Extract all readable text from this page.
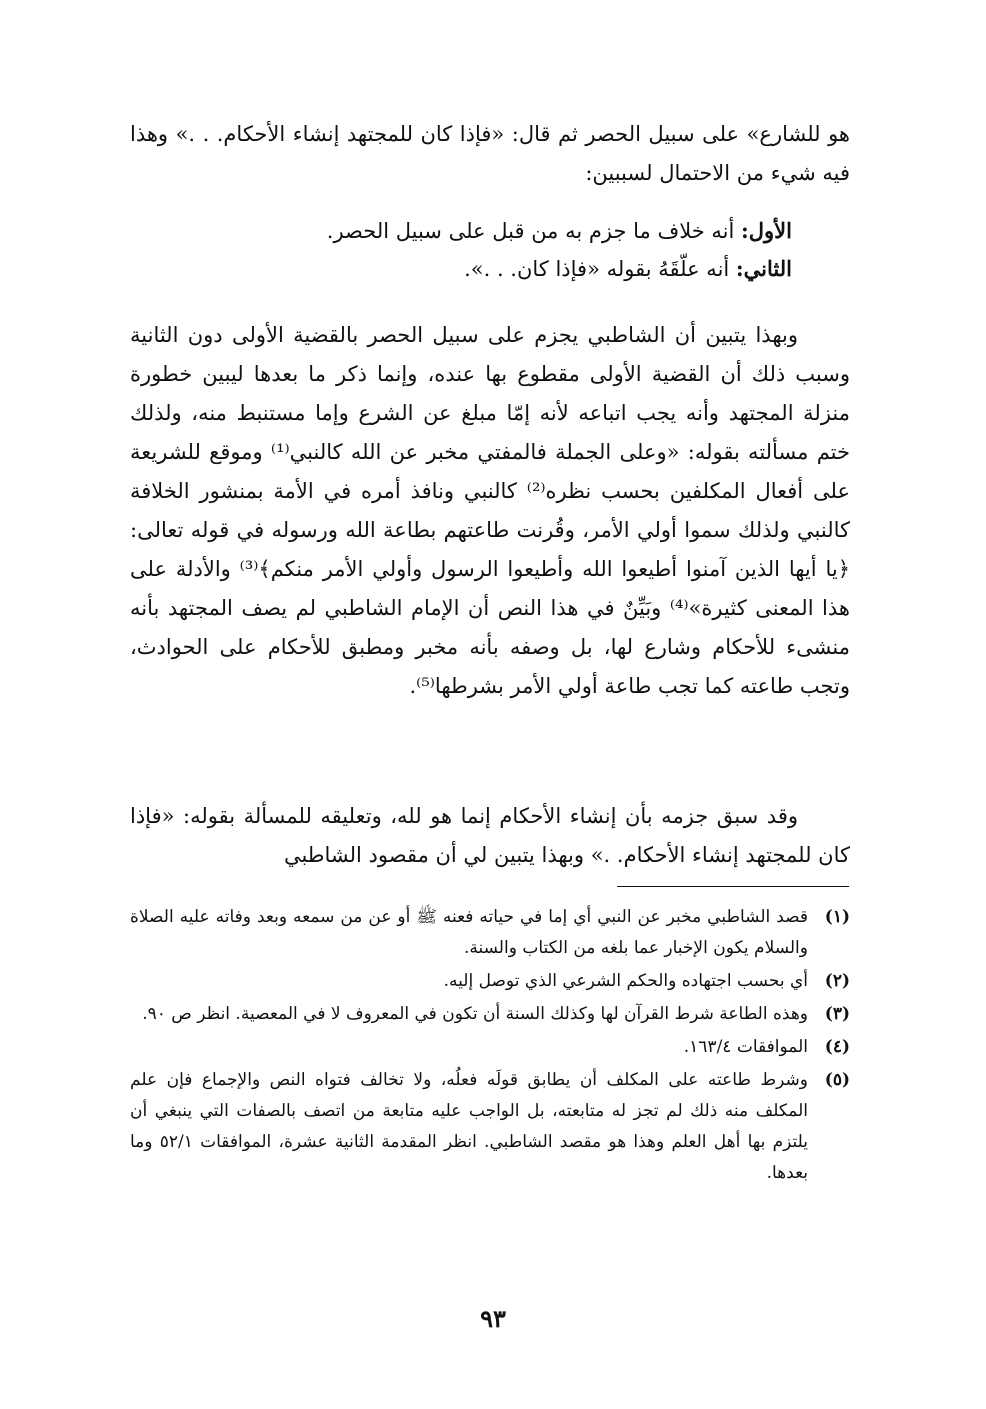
هو للشارع» على سبيل الحصر ثم قال: «فإذا كان للمجتهد إنشاء الأحكام. . .» وهذا فيه شيء من الاحتمال لسببين:
الأول: أنه خلاف ما جزم به من قبل على سبيل الحصر.
الثاني: أنه علّقَهُ بقوله «فإذا كان. . .».
وبهذا يتبين أن الشاطبي يجزم على سبيل الحصر بالقضية الأولى دون الثانية وسبب ذلك أن القضية الأولى مقطوع بها عنده، وإنما ذكر ما بعدها ليبين خطورة منزلة المجتهد وأنه يجب اتباعه لأنه إمّا مبلغ عن الشرع وإما مستنبط منه، ولذلك ختم مسألته بقوله: «وعلى الجملة فالمفتي مخبر عن الله كالنبي⁽¹⁾ وموقع للشريعة على أفعال المكلفين بحسب نظره⁽²⁾ كالنبي ونافذ أمره في الأمة بمنشور الخلافة كالنبي ولذلك سموا أولي الأمر، وقُرنت طاعتهم بطاعة الله ورسوله في قوله تعالى: ﴿يا أيها الذين آمنوا أطيعوا الله وأطيعوا الرسول وأولي الأمر منكم﴾⁽³⁾ والأدلة على هذا المعنى كثيرة»⁽⁴⁾ وبَيِّنٌ في هذا النص أن الإمام الشاطبي لم يصف المجتهد بأنه منشىء للأحكام وشارع لها، بل وصفه بأنه مخبر ومطبق للأحكام على الحوادث، وتجب طاعته كما تجب طاعة أولي الأمر بشرطها⁽⁵⁾.
وقد سبق جزمه بأن إنشاء الأحكام إنما هو لله، وتعليقه للمسألة بقوله: «فإذا كان للمجتهد إنشاء الأحكام. .» وبهذا يتبين لي أن مقصود الشاطبي
(١)
قصد الشاطبي مخبر عن النبي أي إما في حياته فعنه ﷺ أو عن من سمعه وبعد وفاته عليه الصلاة والسلام يكون الإخبار عما بلغه من الكتاب والسنة.
(٢)
أي بحسب اجتهاده والحكم الشرعي الذي توصل إليه.
(٣)
وهذه الطاعة شرط القرآن لها وكذلك السنة أن تكون في المعروف لا في المعصية. انظر ص ٩٠.
(٤)
الموافقات ١٦٣/٤.
(٥)
وشرط طاعته على المكلف أن يطابق قولَه فعلُه، ولا تخالف فتواه النص والإجماع فإن علم المكلف منه ذلك لم تجز له متابعته، بل الواجب عليه متابعة من اتصف بالصفات التي ينبغي أن يلتزم بها أهل العلم وهذا هو مقصد الشاطبي. انظر المقدمة الثانية عشرة، الموافقات ٥٢/١ وما بعدها.
٩٣
